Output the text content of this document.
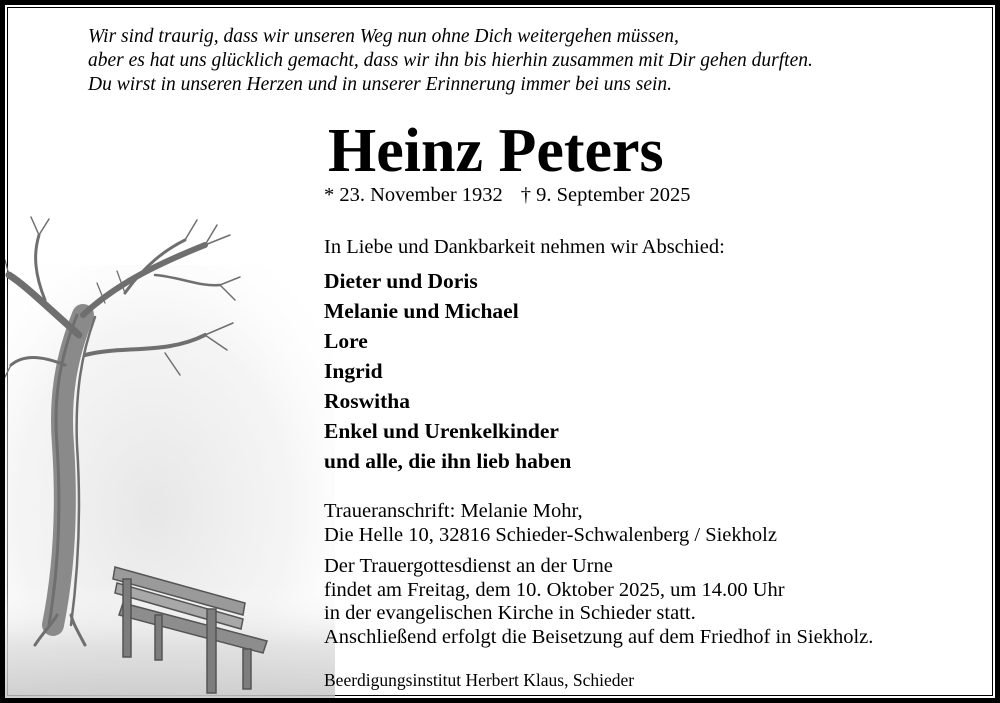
Wir sind traurig, dass wir unseren Weg nun ohne Dich weitergehen müssen,
aber es hat uns glücklich gemacht, dass wir ihn bis hierhin zusammen mit Dir gehen durften.
Du wirst in unseren Herzen und in unserer Erinnerung immer bei uns sein.
Heinz Peters
* 23. November 1932 † 9. September 2025
In Liebe und Dankbarkeit nehmen wir Abschied:
Dieter und Doris
Melanie und Michael
Lore
Ingrid
Roswitha
Enkel und Urenkelkinder
und alle, die ihn lieb haben
Traueranschrift: Melanie Mohr,
Die Helle 10, 32816 Schieder-Schwalenberg / Siekholz
Der Trauergottesdienst an der Urne
findet am Freitag, dem 10. Oktober 2025, um 14.00 Uhr
in der evangelischen Kirche in Schieder statt.
Anschließend erfolgt die Beisetzung auf dem Friedhof in Siekholz.
Beerdigungsinstitut Herbert Klaus, Schieder
